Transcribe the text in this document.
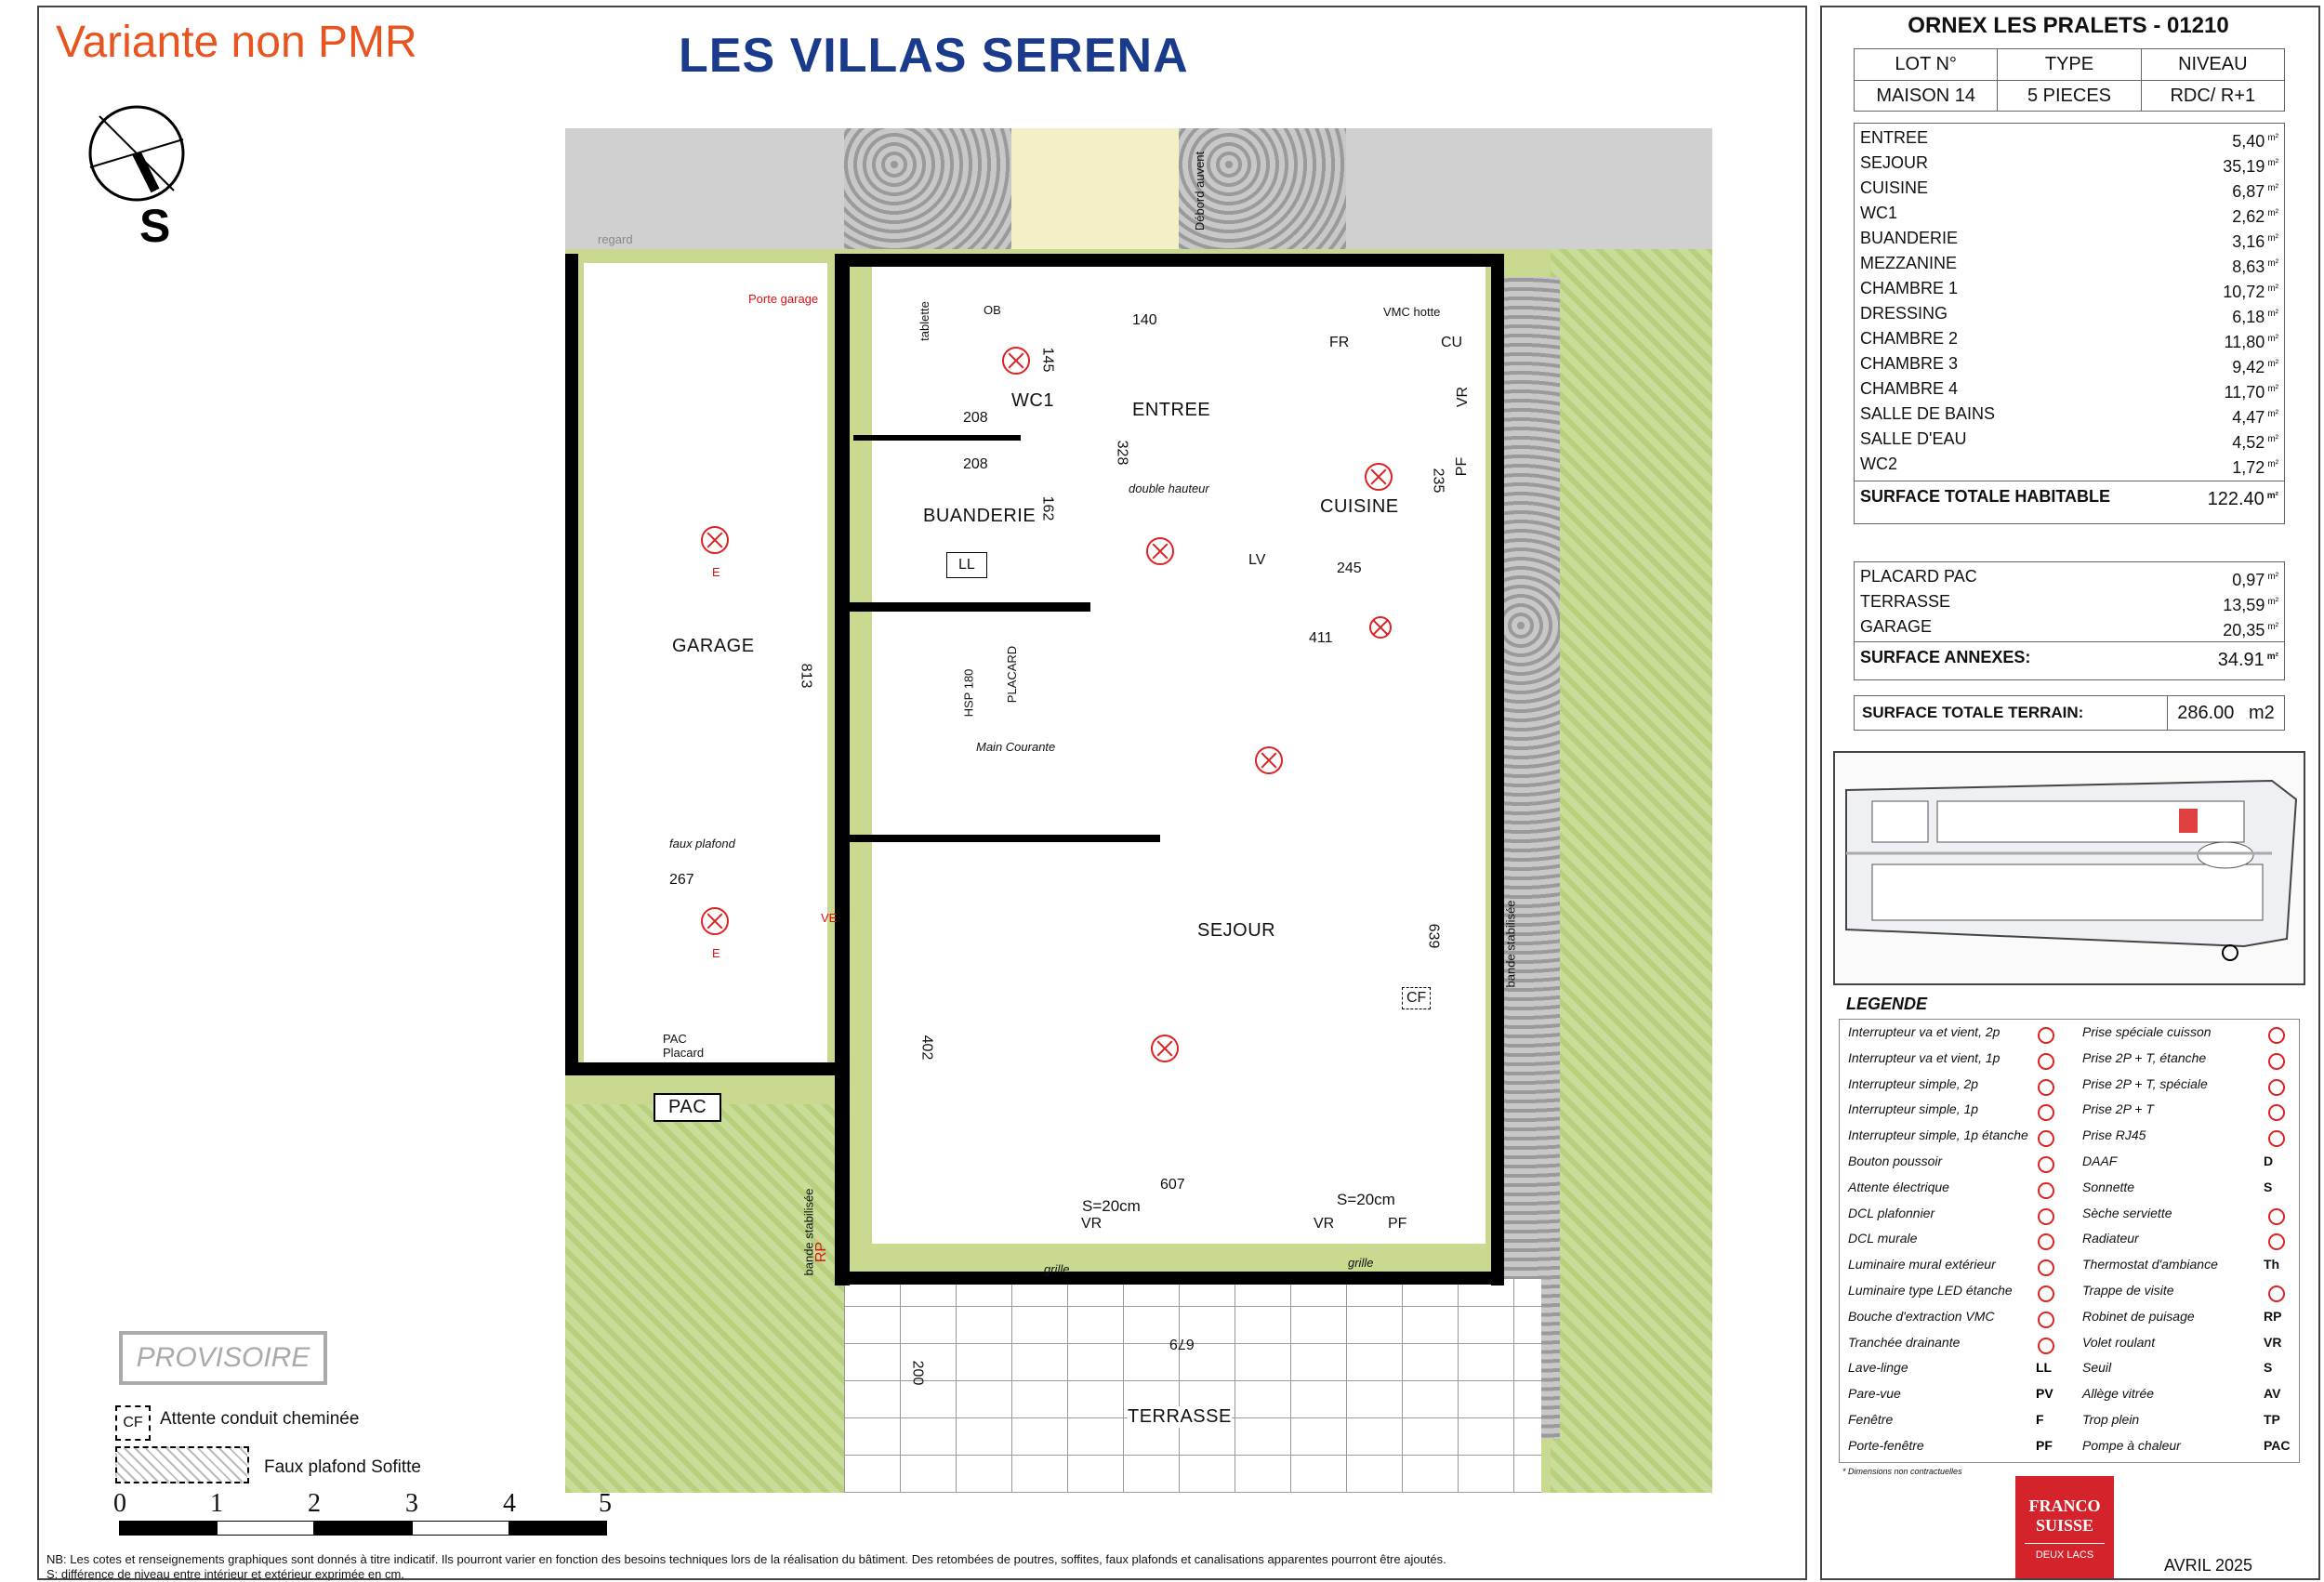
Variante non PMR	LES VILLAS SERENA
S
GARAGE
WC1	ENTREE
BUANDERIE	CUISINE
SEJOUR
TERRASSE
PAC
Porte garage
double hauteur
Main Courante
faux plafond
PAC Placard
grille	grille
S=20cm	S=20cm
FR	CU
LL	LV
CF
tablette	VMC hotte
HSP 180 PLACARD
bande stabilisée
bande stabilisée
Débord auvent
regard
OB
VE
E
E
VR	VR	PF
PF
VR
RP
140
145
208
208	328
162
235
245
411
813
267
639
402
607
200
679
PROVISOIRE
CF Attente conduit cheminée
Faux plafond Sofitte
0	1	2	3	4	5
NB: Les cotes et renseignements graphiques sont donnés à titre indicatif. Ils pourront varier en fonction des besoins techniques lors de la réalisation du bâtiment. Des retombées de poutres, soffites, faux plafonds et canalisations apparentes pourront être ajoutés.
S: différence de niveau entre intérieur et extérieur exprimée en cm.
ORNEX LES PRALETS - 01210
LOT N°	TYPE	NIVEAU
MAISON 14	5 PIECES	RDC/ R+1
ENTREE	5,40 $^{m^2}$
SEJOUR	35,19 $^{m^2}$
CUISINE	6,87 $^{m^2}$
WC1	2,62 $^{m^2}$
BUANDERIE	3,16 $^{m^2}$
MEZZANINE	8,63 $^{m^2}$
CHAMBRE 1	10,72 $^{m^2}$
DRESSING	6,18 $^{m^2}$
CHAMBRE 2	11,80 $^{m^2}$
CHAMBRE 3	9,42 $^{m^2}$
CHAMBRE 4	11,70 $^{m^2}$
SALLE DE BAINS	4,47 $^{m^2}$
SALLE D'EAU	4,52 $^{m^2}$
WC2	1,72 $^{m^2}$
SURFACE TOTALE HABITABLE	122.40 $^{m^2}$
PLACARD PAC	0,97 $^{m^2}$
TERRASSE	13,59 $^{m^2}$
GARAGE	20,35 $^{m^2}$
SURFACE ANNEXES:	34.91 $^{m^2}$
SURFACE TOTALE TERRAIN:	286.00 m2
LEGENDE
Interrupteur va et vient, 2p
Interrupteur va et vient, 1p
Interrupteur simple, 2p
Interrupteur simple, 1p
Interrupteur simple, 1p étanche
Bouton poussoir
Attente électrique
DCL plafonnier
DCL murale
Luminaire mural extérieur
Luminaire type LED étanche
Bouche d'extraction VMC
Tranchée drainante
Lave-linge	LL
Pare-vue	PV
Fenêtre	F
Porte-fenêtre	PF
Prise spéciale cuisson
Prise 2P + T, étanche
Prise 2P + T, spéciale
Prise 2P + T
Prise RJ45
DAAF	D
Sonnette	S
Sèche serviette
Radiateur
Thermostat d'ambiance	Th
Trappe de visite
Robinet de puisage	RP
Volet roulant	VR
Seuil	S
Allège vitrée	AV
Trop plein	TP
Pompe à chaleur	PAC
* Dimensions non contractuelles
FRANCO
SUISSE
DEUX LACS
AVRIL 2025
